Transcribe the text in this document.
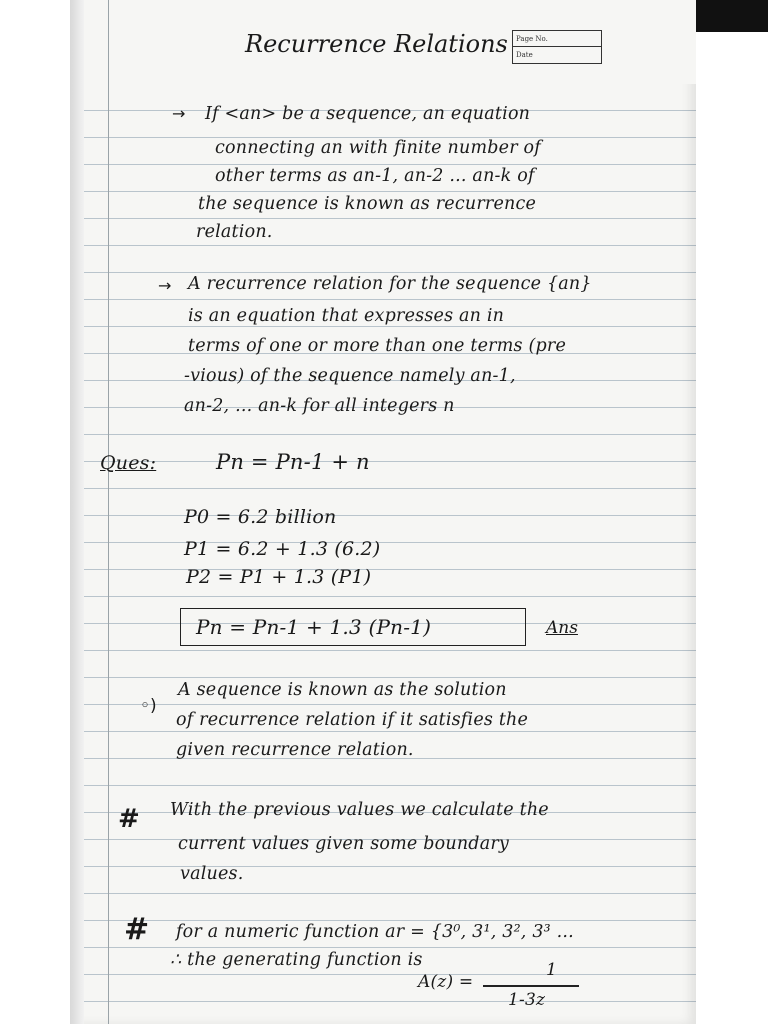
Page No.
Date
Recurrence Relations
→ If <an> be a sequence, an equation
connecting an with finite number of
other terms as an-1, an-2 ... an-k of
the sequence is known as recurrence
relation.
→ A recurrence relation for the sequence {an}
is an equation that expresses an in
terms of one or more than one terms (pre
-vious) of the sequence namely an-1,
an-2, ... an-k for all integers n
Ques:	Pn = Pn-1 + n
P0 = 6.2 billion
P1 = 6.2 + 1.3 (6.2)
P2 = P1 + 1.3 (P1)
Pn = Pn-1 + 1.3 (Pn-1)	Ans
◦)
A sequence is known as the solution
of recurrence relation if it satisfies the
given recurrence relation.
# With the previous values we calculate the
current values given some boundary
values.
# for a numeric function ar = {3⁰, 3¹, 3², 3³ ...
∴ the generating function is
A(z) =
1
1-3z
